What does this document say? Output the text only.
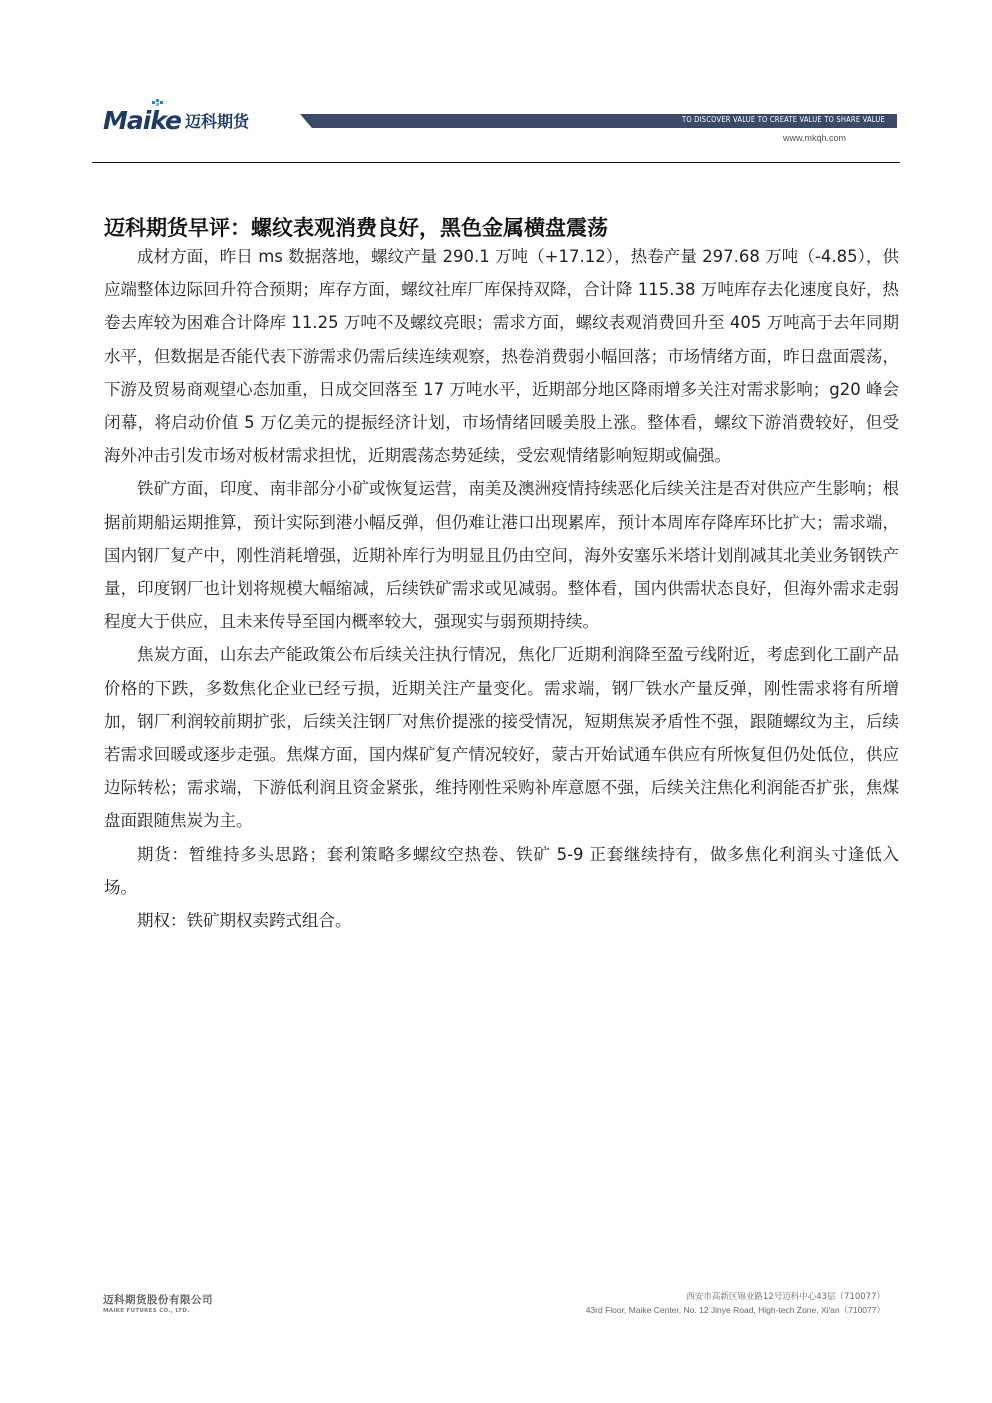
Maike 迈科期货	TO DISCOVER VALUE TO CREATE VALUE TO SHARE VALUE
www.mkqh.com
迈科期货早评：螺纹表观消费良好，黑色金属横盘震荡

成材方面，昨日 ms 数据落地，螺纹产量 290.1 万吨（+17.12），热卷产量 297.68 万吨（-4.85），供应端整体边际回升符合预期；库存方面，螺纹社库厂库保持双降，合计降 115.38 万吨库存去化速度良好，热卷去库较为困难合计降库 11.25 万吨不及螺纹亮眼；需求方面，螺纹表观消费回升至 405 万吨高于去年同期水平，但数据是否能代表下游需求仍需后续连续观察，热卷消费弱小幅回落；市场情绪方面，昨日盘面震荡，下游及贸易商观望心态加重，日成交回落至 17 万吨水平，近期部分地区降雨增多关注对需求影响；g20 峰会闭幕，将启动价值 5 万亿美元的提振经济计划，市场情绪回暖美股上涨。整体看，螺纹下游消费较好，但受海外冲击引发市场对板材需求担忧，近期震荡态势延续，受宏观情绪影响短期或偏强。

铁矿方面，印度、南非部分小矿或恢复运营，南美及澳洲疫情持续恶化后续关注是否对供应产生影响；根据前期船运期推算，预计实际到港小幅反弹，但仍难让港口出现累库，预计本周库存降库环比扩大；需求端，国内钢厂复产中，刚性消耗增强，近期补库行为明显且仍由空间，海外安塞乐米塔计划削减其北美业务钢铁产量，印度钢厂也计划将规模大幅缩减，后续铁矿需求或见减弱。整体看，国内供需状态良好，但海外需求走弱程度大于供应，且未来传导至国内概率较大，强现实与弱预期持续。

焦炭方面，山东去产能政策公布后续关注执行情况，焦化厂近期利润降至盈亏线附近，考虑到化工副产品价格的下跌，多数焦化企业已经亏损，近期关注产量变化。需求端，钢厂铁水产量反弹，刚性需求将有所增加，钢厂利润较前期扩张，后续关注钢厂对焦价提涨的接受情况，短期焦炭矛盾性不强，跟随螺纹为主，后续若需求回暖或逐步走强。焦煤方面，国内煤矿复产情况较好，蒙古开始试通车供应有所恢复但仍处低位，供应边际转松；需求端，下游低利润且资金紧张，维持刚性采购补库意愿不强，后续关注焦化利润能否扩张，焦煤盘面跟随焦炭为主。

期货：暂维持多头思路；套利策略多螺纹空热卷、铁矿 5-9 正套继续持有，做多焦化利润头寸逢低入场。

期权：铁矿期权卖跨式组合。

迈科期货股份有限公司
MAIKE FUTURES CO., LTD.
西安市高新区锦业路12号迈科中心43层（710077）
43rd Floor, Maike Center, No. 12 Jinye Road, High-tech Zone, Xi'an（710077）
